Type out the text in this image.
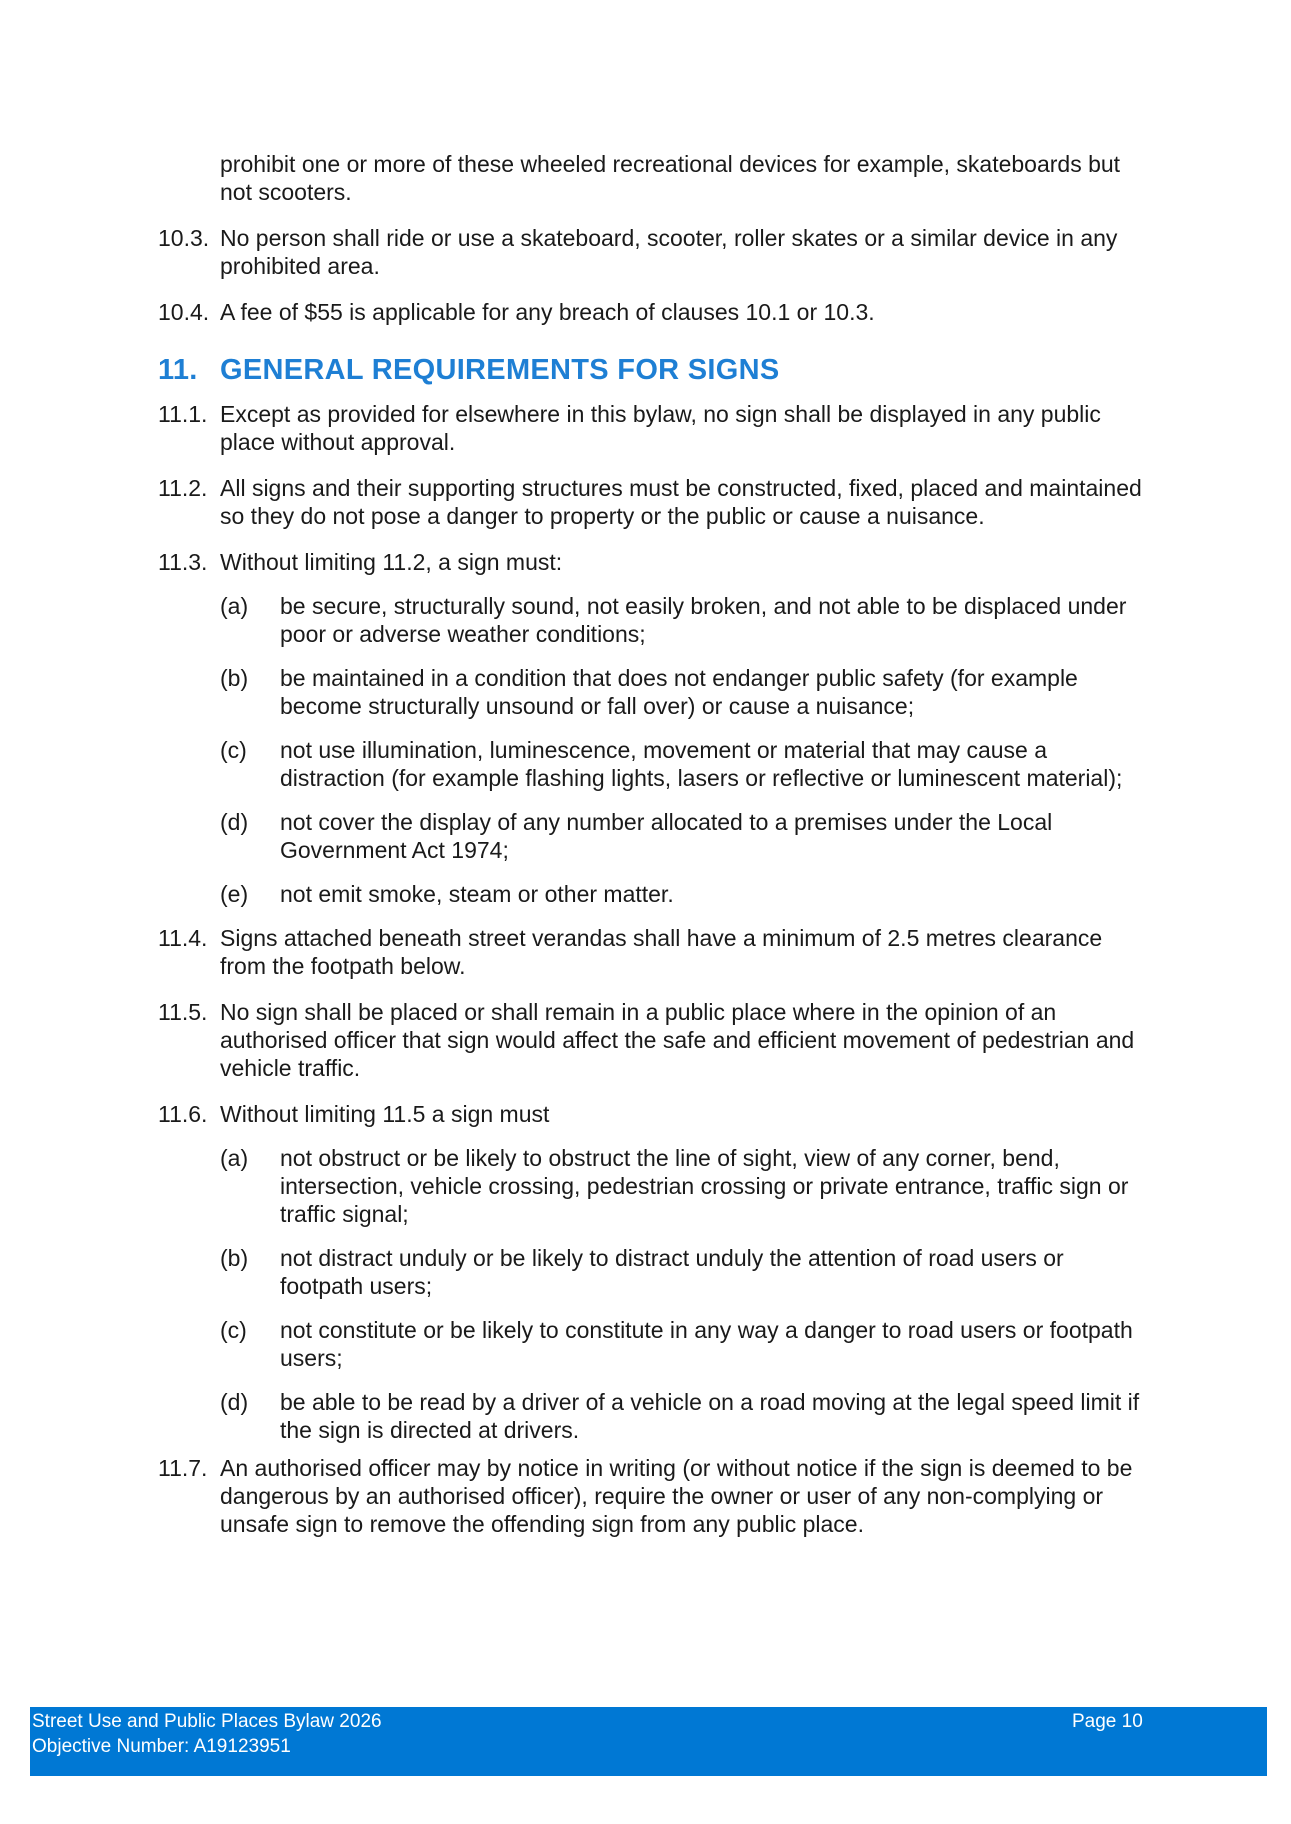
prohibit one or more of these wheeled recreational devices for example, skateboards but not scooters.
10.3. No person shall ride or use a skateboard, scooter, roller skates or a similar device in any prohibited area.
10.4. A fee of $55 is applicable for any breach of clauses 10.1 or 10.3.
11. GENERAL REQUIREMENTS FOR SIGNS
11.1. Except as provided for elsewhere in this bylaw, no sign shall be displayed in any public place without approval.
11.2. All signs and their supporting structures must be constructed, fixed, placed and maintained so they do not pose a danger to property or the public or cause a nuisance.
11.3. Without limiting 11.2, a sign must:
(a)	be secure, structurally sound, not easily broken, and not able to be displaced under poor or adverse weather conditions;
(b)	be maintained in a condition that does not endanger public safety (for example become structurally unsound or fall over) or cause a nuisance;
(c)	not use illumination, luminescence, movement or material that may cause a distraction (for example flashing lights, lasers or reflective or luminescent material);
(d)	not cover the display of any number allocated to a premises under the Local Government Act 1974;
(e)	not emit smoke, steam or other matter.
11.4. Signs attached beneath street verandas shall have a minimum of 2.5 metres clearance from the footpath below.
11.5. No sign shall be placed or shall remain in a public place where in the opinion of an authorised officer that sign would affect the safe and efficient movement of pedestrian and vehicle traffic.
11.6. Without limiting 11.5 a sign must
(a)	not obstruct or be likely to obstruct the line of sight, view of any corner, bend, intersection, vehicle crossing, pedestrian crossing or private entrance, traffic sign or traffic signal;
(b)	not distract unduly or be likely to distract unduly the attention of road users or footpath users;
(c)	not constitute or be likely to constitute in any way a danger to road users or footpath users;
(d)	be able to be read by a driver of a vehicle on a road moving at the legal speed limit if the sign is directed at drivers.
11.7. An authorised officer may by notice in writing (or without notice if the sign is deemed to be dangerous by an authorised officer), require the owner or user of any non-complying or unsafe sign to remove the offending sign from any public place.
Street Use and Public Places Bylaw 2026	Page 10
Objective Number: A19123951
